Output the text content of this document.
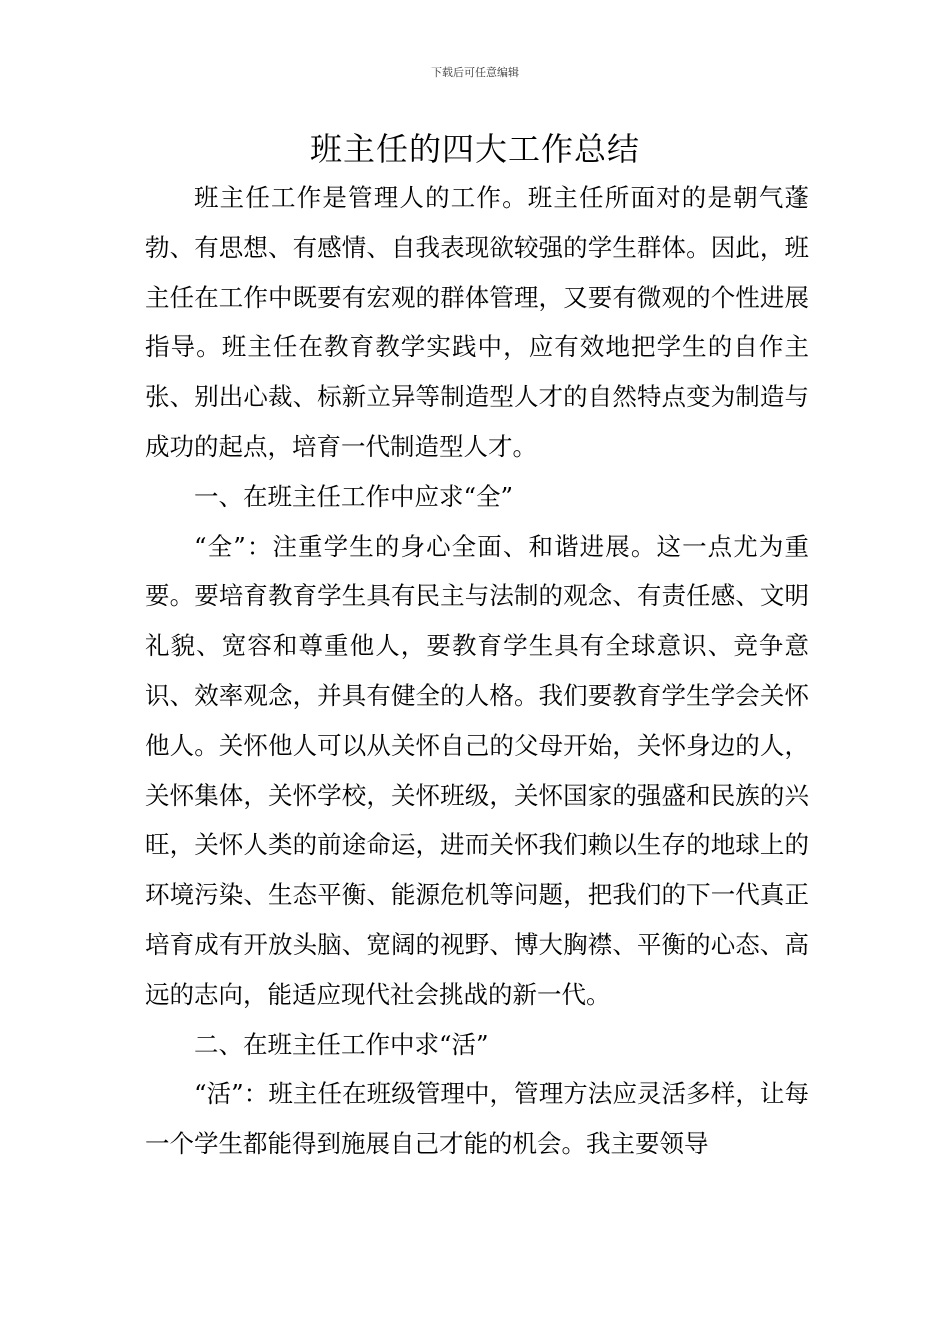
下载后可任意编辑
班主任的四大工作总结

班主任工作是管理人的工作。班主任所面对的是朝气蓬勃、有思想、有感情、自我表现欲较强的学生群体。因此，班主任在工作中既要有宏观的群体管理，又要有微观的个性进展指导。班主任在教育教学实践中，应有效地把学生的自作主张、别出心裁、标新立异等制造型人才的自然特点变为制造与成功的起点，培育一代制造型人才。

一、在班主任工作中应求“全”

“全”：注重学生的身心全面、和谐进展。这一点尤为重要。要培育教育学生具有民主与法制的观念、有责任感、文明礼貌、宽容和尊重他人，要教育学生具有全球意识、竞争意识、效率观念，并具有健全的人格。我们要教育学生学会关怀他人。关怀他人可以从关怀自己的父母开始，关怀身边的人，关怀集体，关怀学校，关怀班级，关怀国家的强盛和民族的兴旺，关怀人类的前途命运，进而关怀我们赖以生存的地球上的环境污染、生态平衡、能源危机等问题，把我们的下一代真正培育成有开放头脑、宽阔的视野、博大胸襟、平衡的心态、高远的志向，能适应现代社会挑战的新一代。

二、在班主任工作中求“活”

“活”：班主任在班级管理中，管理方法应灵活多样，让每一个学生都能得到施展自己才能的机会。我主要领导
